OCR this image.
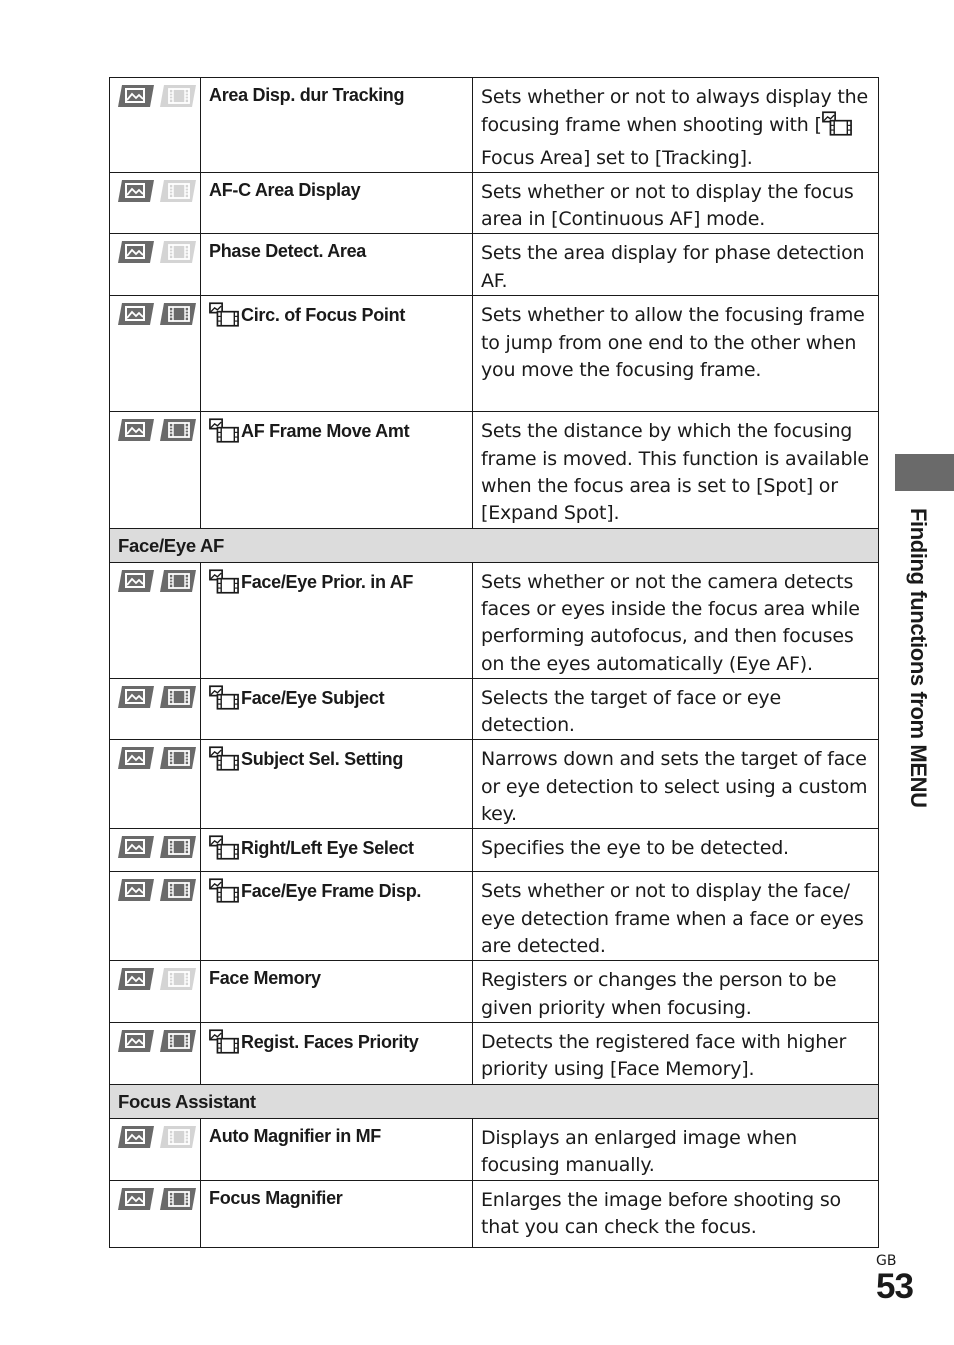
	Area Disp. dur Tracking	Sets whether or not to always display the focusing frame when shooting with [ Focus Area] set to [Tracking].

	AF-C Area Display	Sets whether or not to display the focus area in [Continuous AF] mode.

	Phase Detect. Area	Sets the area display for phase detection AF.

	Circ. of Focus Point	Sets whether to allow the focusing frame to jump from one end to the other when you move the focusing frame.

	AF Frame Move Amt	Sets the distance by which the focusing frame is moved. This function is available when the focus area is set to [Spot] or [Expand Spot].
Face/Eye AF		

	Face/Eye Prior. in AF	Sets whether or not the camera detects faces or eyes inside the focus area while performing autofocus, and then focuses on the eyes automatically (Eye AF).

	Face/Eye Subject	Selects the target of face or eye detection.

	Subject Sel. Setting	Narrows down and sets the target of face or eye detection to select using a custom key.

	Right/Left Eye Select	Specifies the eye to be detected.

	Face/Eye Frame Disp.	Sets whether or not to display the face/ eye detection frame when a face or eyes are detected.

	Face Memory	Registers or changes the person to be given priority when focusing.

	Regist. Faces Priority	Detects the registered face with higher priority using [Face Memory].
Focus Assistant		

	Auto Magnifier in MF	Displays an enlarged image when focusing manually.

	Focus Magnifier	Enlarges the image before shooting so that you can check the focus.
Finding functions from MENU
GB
53
